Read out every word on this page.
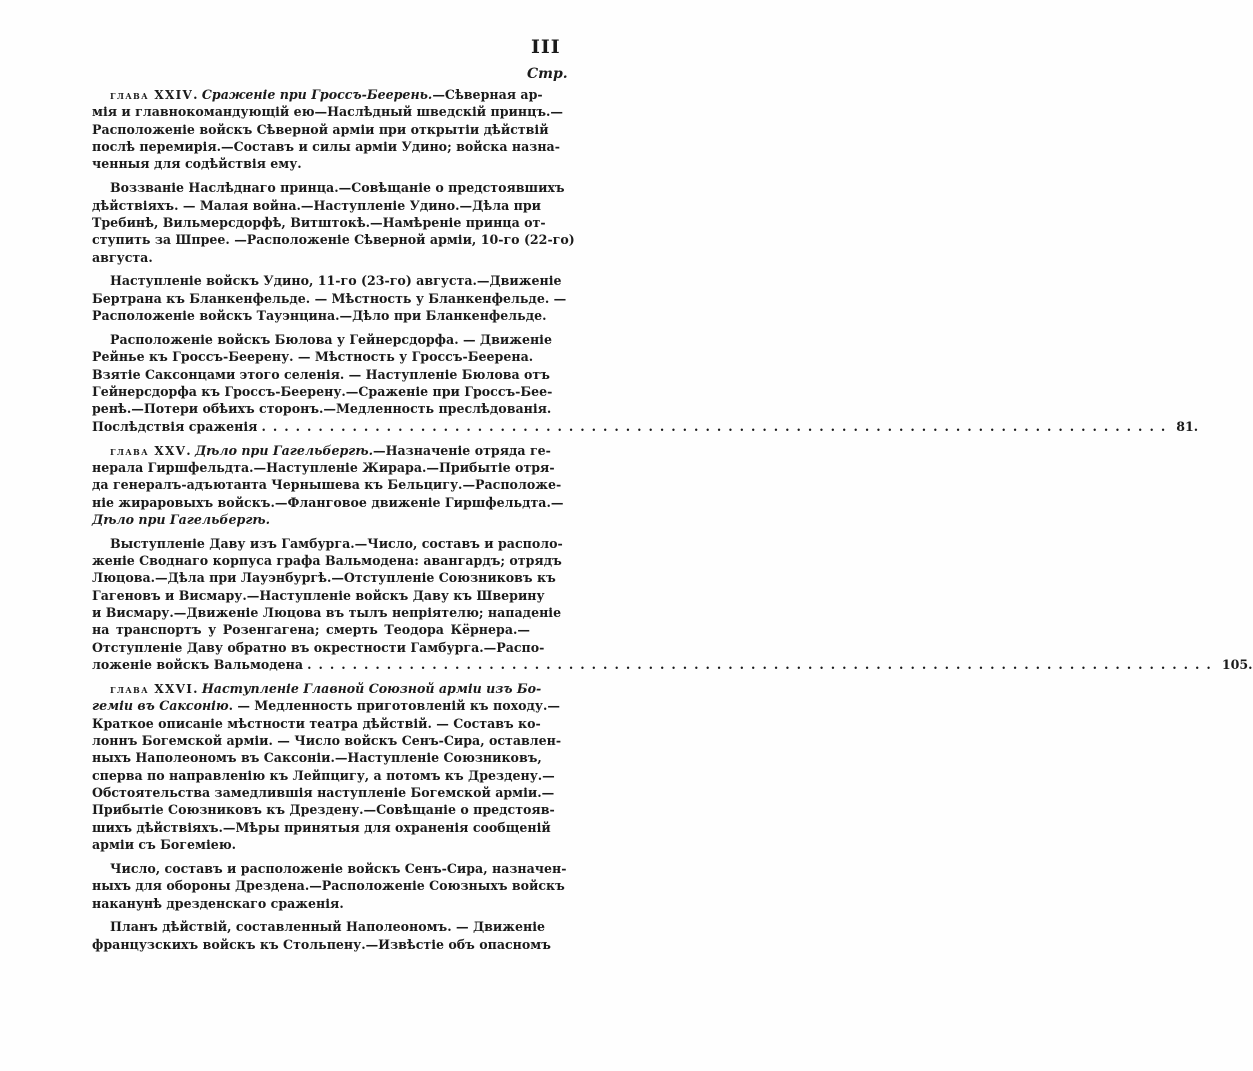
III
Стр.
глава XXIV. Сраженіе при Гроссъ-Беерень.—Сѣверная ар-
мія и главнокомандующій ею—Наслѣдный шведскій принцъ.—
Расположеніе войскъ Сѣверной арміи при открытіи дѣйствій
послѣ перемирія.—Составъ и силы арміи Удино; войска назна-
ченныя для содѣйствія ему.
Воззваніе Наслѣднаго принца.—Совѣщаніе о предстоявшихъ
дѣйствіяхъ. — Малая война.—Наступленіе Удино.—Дѣла при
Требинѣ, Вильмерсдорфѣ, Витштокѣ.—Намѣреніе принца от-
ступить за Шпрее. —Расположеніе Сѣверной арміи, 10-го (22-го)
августа.
Наступленіе войскъ Удино, 11-го (23-го) августа.—Движеніе
Бертрана къ Бланкенфельде. — Мѣстность у Бланкенфельде. —
Расположеніе войскъ Тауэнцина.—Дѣло при Бланкенфельде.
Расположеніе войскъ Бюлова у Гейнерсдорфа. — Движеніе
Рейнье къ Гроссъ-Беерену. — Мѣстность у Гроссъ-Беерена.
Взятіе Саксонцами этого селенія. — Наступленіе Бюлова отъ
Гейнерсдорфа къ Гроссъ-Беерену.—Сраженіе при Гроссъ-Бее-
ренѣ.—Потери обѣихъ сторонъ.—Медленность преслѣдованія.
Послѣдствія сраженія ................................................................................ 81.
глава XXV. Дѣло при Гагельбергѣ.—Назначеніе отряда ге-
нерала Гиршфельдта.—Наступленіе Жирара.—Прибытіе отря-
да генералъ-адъютанта Чернышева къ Бельцигу.—Расположе-
ніе жираровыхъ войскъ.—Фланговое движеніе Гиршфельдта.—
Дѣло при Гагельбергѣ.
Выступленіе Даву изъ Гамбурга.—Число, составъ и располо-
женіе Своднаго корпуса графа Вальмодена: авангардъ; отрядъ
Люцова.—Дѣла при Лауэнбургѣ.—Отступленіе Союзниковъ къ
Гагеновъ и Висмару.—Наступленіе войскъ Даву къ Шверину
и Висмару.—Движеніе Люцова въ тылъ непріятелю; нападеніе
на транспортъ у Розенгагена; смерть Теодора Кёрнера.—
Отступленіе Даву обратно въ окрестности Гамбурга.—Распо-
ложеніе войскъ Вальмодена ................................................................................ 105.
глава XXVI. Наступленіе Главной Союзной арміи изъ Бо-
геміи въ Саксонію. — Медленность приготовленій къ походу.—
Краткое описаніе мѣстности театра дѣйствій. — Составъ ко-
лоннъ Богемской арміи. — Число войскъ Сенъ-Сира, оставлен-
ныхъ Наполеономъ въ Саксоніи.—Наступленіе Союзниковъ,
сперва по направленію къ Лейпцигу, а потомъ къ Дрездену.—
Обстоятельства замедлившія наступленіе Богемской арміи.—
Прибытіе Союзниковъ къ Дрездену.—Совѣщаніе о предстояв-
шихъ дѣйствіяхъ.—Мѣры принятыя для охраненія сообщеній
арміи съ Богеміею.
Число, составъ и расположеніе войскъ Сенъ-Сира, назначен-
ныхъ для обороны Дрездена.—Расположеніе Союзныхъ войскъ
наканунѣ дрезденскаго сраженія.
Планъ дѣйствій, составленный Наполеономъ. — Движеніе
французскихъ войскъ къ Стольпену.—Извѣстіе объ опасномъ
